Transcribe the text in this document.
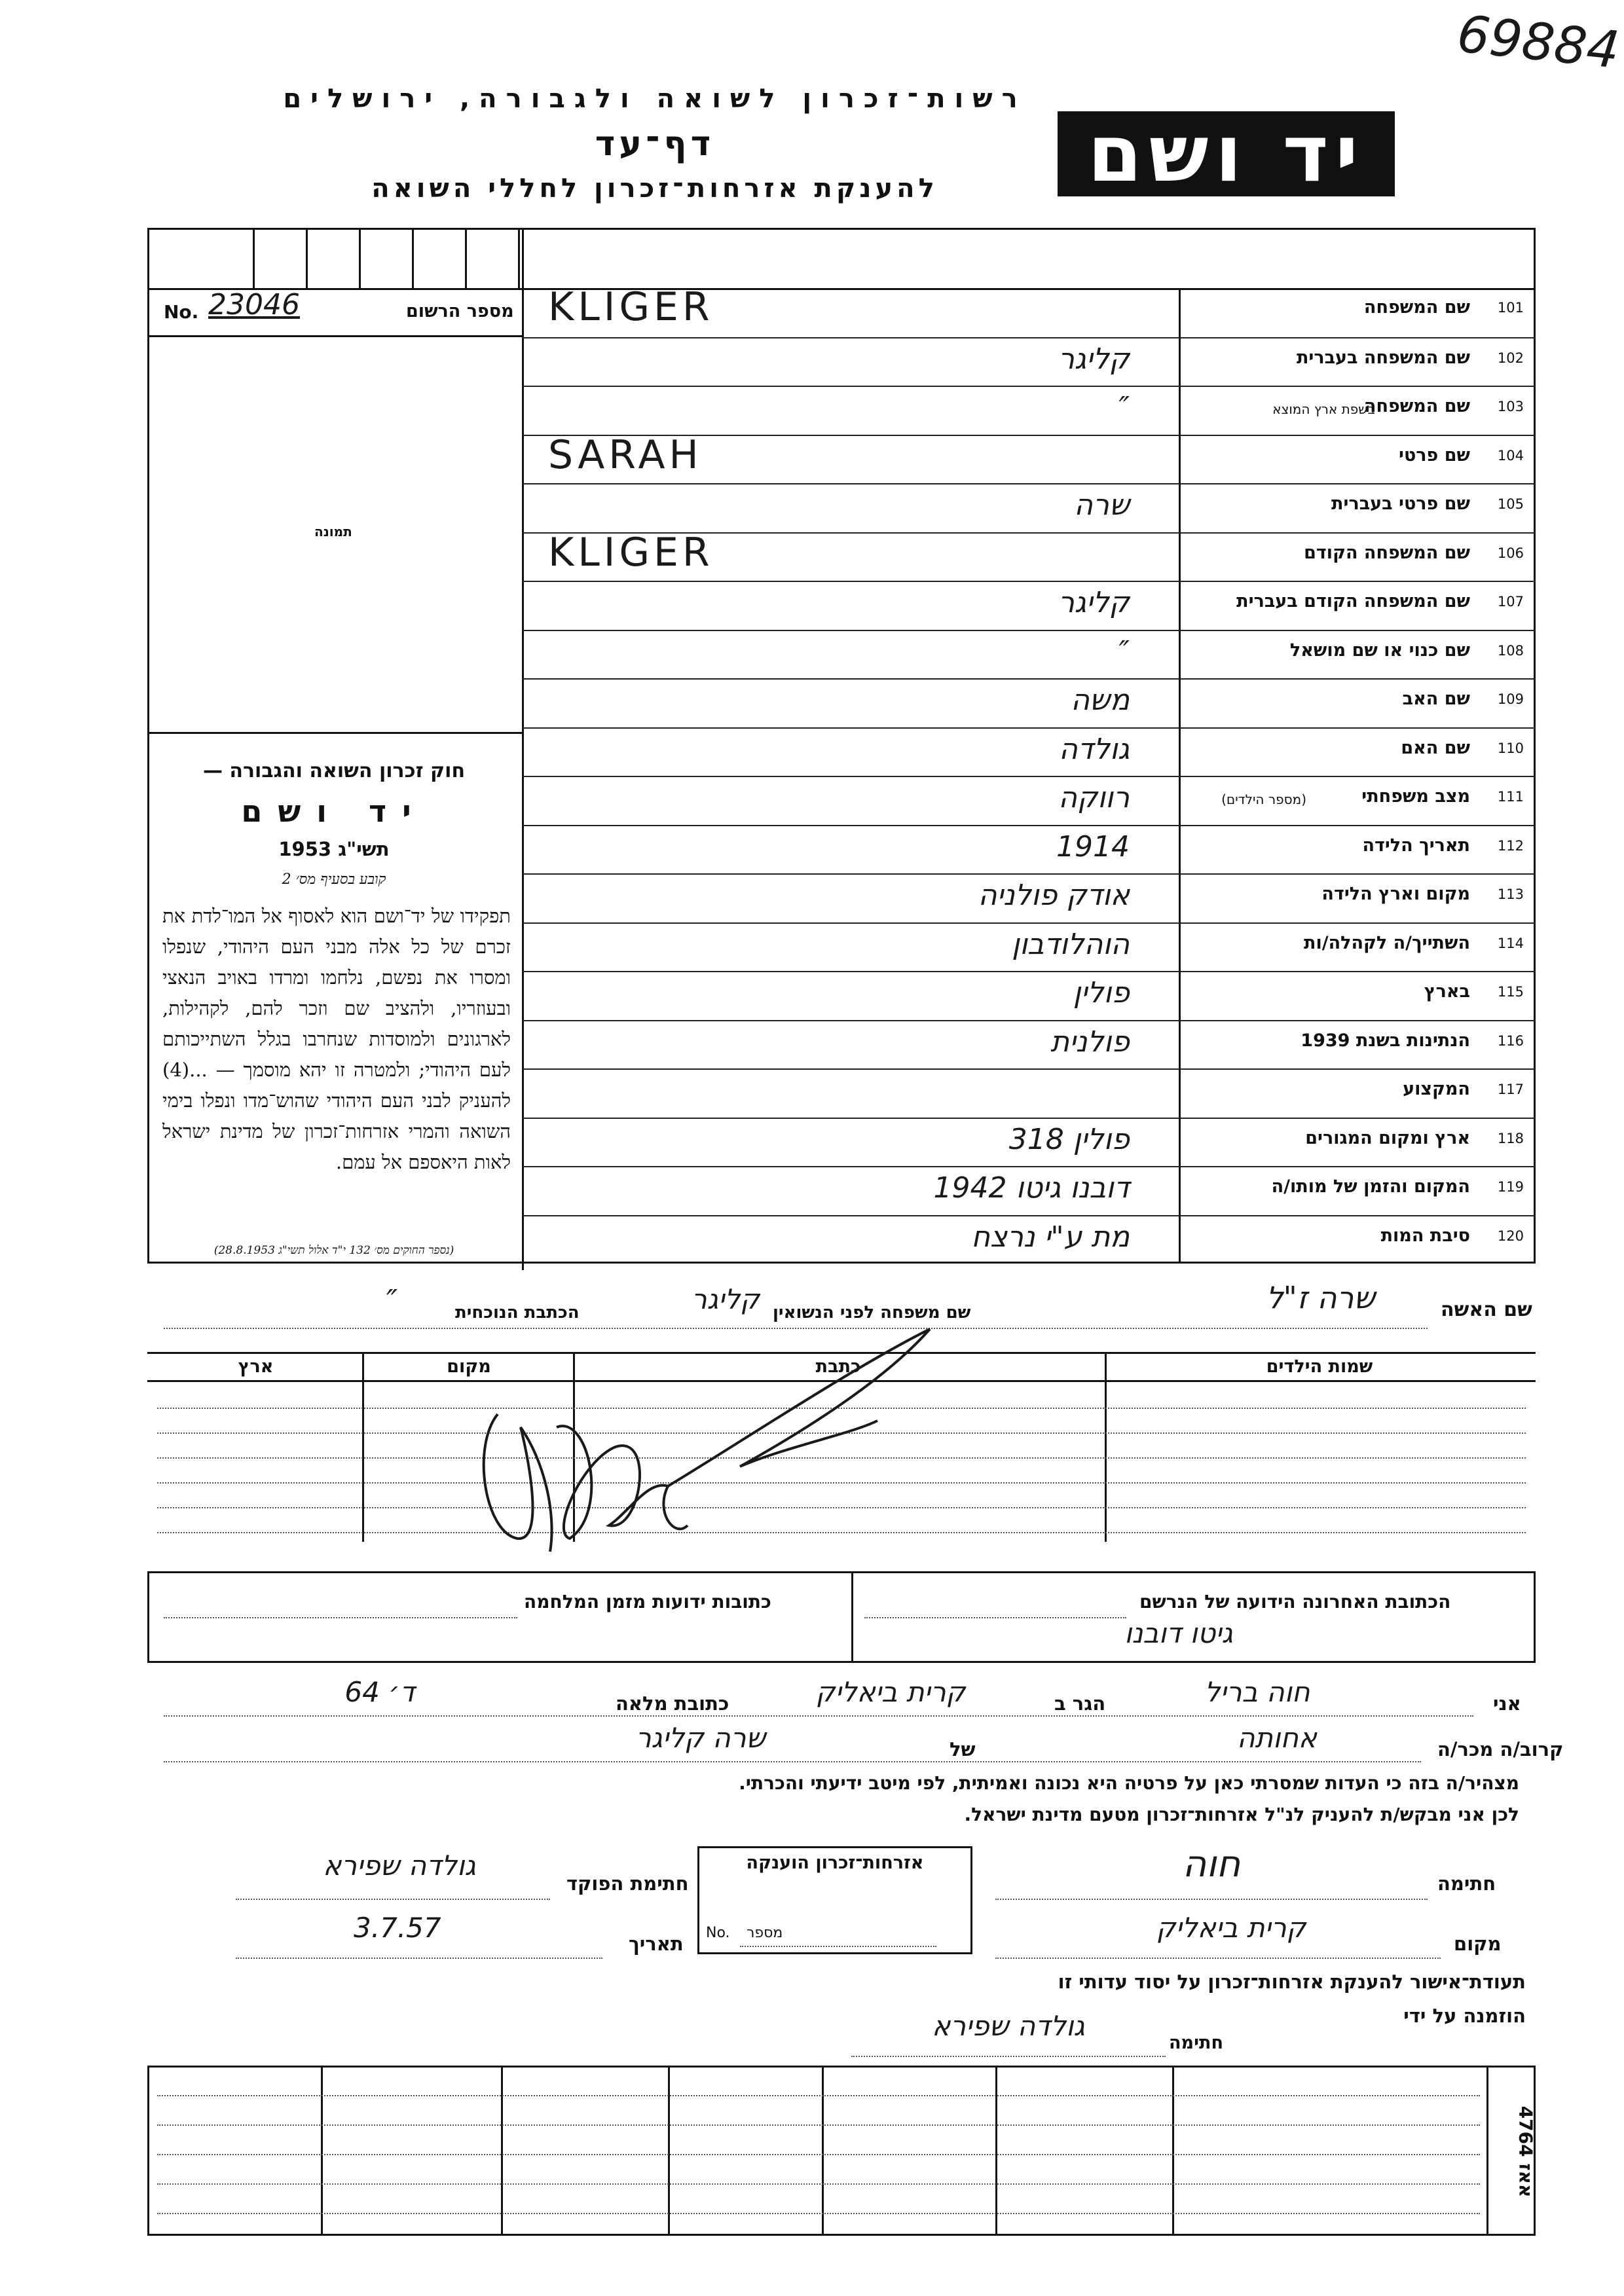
69884
רשות־זכרון לשואה ולגבורה, ירושלים
דף־עד
להענקת אזרחות־זכרון לחללי השואה	יד ושם
מספר הרשום
No. 23046
תמונה
חוק זכרון השואה והגבורה —
יד ושם
תשי"ג 1953
קובע בסעיף מס׳ 2
תפקידו של יד־ושם הוא לאסוף אל המו־לדת את זכרם של כל אלה מבני העם היהודי, שנפלו ומסרו את נפשם, נלחמו ומרדו באויב הנאצי ובעוזריו, ולהציב שם וזכר להם, לקהילות, לארגונים ולמוסדות שנחרבו בגלל השתייכותם לעם היהודי; ולמטרה זו יהא מוסמך — ...(4) להעניק לבני העם היהודי שהוש־מדו ונפלו בימי השואה והמרי אזרחות־זכרון של מדינת ישראל לאות היאספם אל עמם.
(נספר החוקים מס׳ 132 י"ד אלול תשי"ג 28.8.1953)
101
שם המשפחה
KLIGER
102
שם המשפחה בעברית
קליגר
103
שם המשפחה
בשפת ארץ המוצא
″
104
שם פרטי
SARAH
105
שם פרטי בעברית
שרה
106
שם המשפחה הקודם
KLIGER
107
שם המשפחה הקודם בעברית
קליגר
108
שם כנוי או שם מושאל
″
109
שם האב
משה
110
שם האם
גולדה
111
מצב משפחתי
(מספר הילדים)
רווקה
112
תאריך הלידה
1914
113
מקום וארץ הלידה
אודק פולניה
114
השתייך/ה לקהלה/ות
הוהלודבון
115
בארץ
פולין
116
הנתינות בשנת 1939
פולנית
117
המקצוע
118
ארץ ומקום המגורים
פולין 318
119
המקום והזמן של מותו/ה
דובנו גיטו 1942
120
סיבת המות
מת ע"י נרצח
שם האשה
שרה ז"ל
שם משפחה לפני הנשואין
קליגר
הכתבת הנוכחית
″
שמות הילדים
כתבת
מקום
ארץ
הכתובת האחרונה הידועה של הנרשם
גיטו דובנו
כתובות ידועות מזמן המלחמה
אני
חוה בריל
הגר ב
קרית ביאליק
כתובת מלאה
ד׳ 64
קרוב/ה מכר/ה
אחותה
של
שרה קליגר
מצהיר/ה בזה כי העדות שמסרתי כאן על פרטיה היא נכונה ואמיתית, לפי מיטב ידיעתי והכרתי.
לכן אני מבקש/ת להעניק לנ"ל אזרחות־זכרון מטעם מדינת ישראל.
חתימה
חוה
אזרחות־זכרון הוענקה
No. מספר
חתימת הפוקד
גולדה שפירא
מקום
קרית ביאליק
תאריך
3.7.57
תעודת־אישור להענקת אזרחות־זכרון על יסוד עדותי זו
הוזמנה על ידי
חתימה
גולדה שפירא
אאז 4764
